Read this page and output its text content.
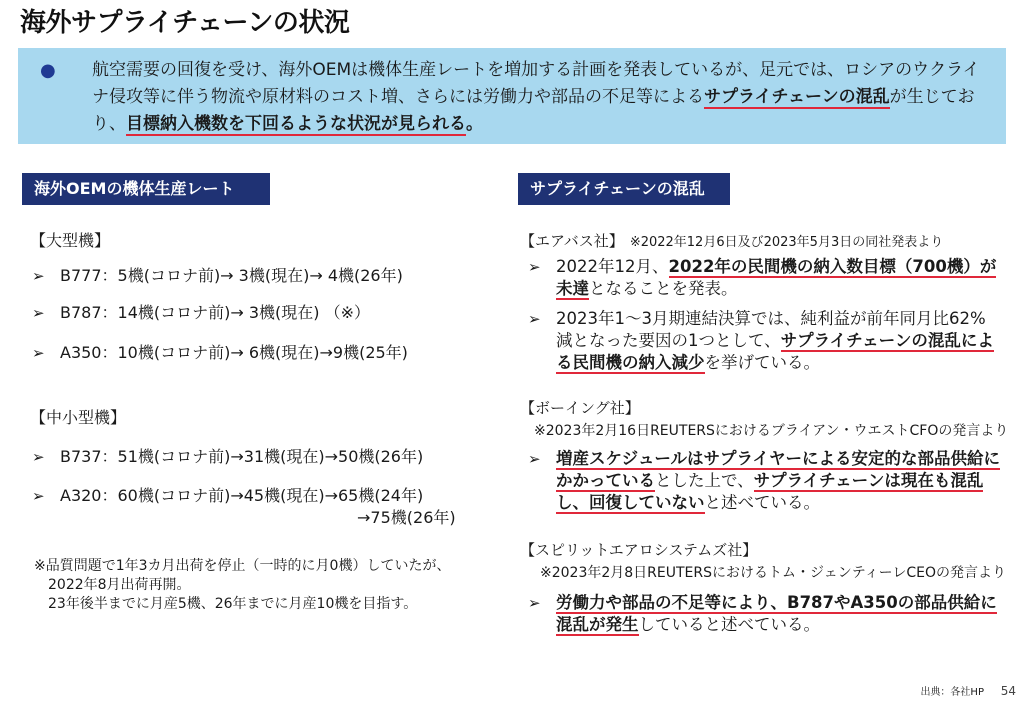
海外サプライチェーンの状況
● 航空需要の回復を受け、海外OEMは機体生産レートを増加する計画を発表しているが、足元では、ロシアのウクライナ侵攻等に伴う物流や原材料のコスト増、さらには労働力や部品の不足等によるサプライチェーンの混乱が生じており、目標納入機数を下回るような状況が見られる。

海外OEMの機体生産レート
【大型機】
➢ B777：5機(コロナ前)→ 3機(現在)→ 4機(26年)
➢ B787：14機(コロナ前)→ 3機(現在) （※）
➢ A350：10機(コロナ前)→ 6機(現在)→9機(25年)
【中小型機】
➢ B737：51機(コロナ前)→31機(現在)→50機(26年)
➢ A320：60機(コロナ前)→45機(現在)→65機(24年)
→75機(26年)
※品質問題で1年3カ月出荷を停止（一時的に月0機）していたが、
2022年8月出荷再開。
23年後半までに月産5機、26年までに月産10機を目指す。
サプライチェーンの混乱
【エアバス社】 ※2022年12月6日及び2023年5月3日の同社発表より
➢ 2022年12月、2022年の民間機の納入数目標（700機）が未達となることを発表。
➢ 2023年1～3月期連結決算では、純利益が前年同月比62%減となった要因の1つとして、サプライチェーンの混乱による民間機の納入減少を挙げている。
【ボーイング社】
※2023年2月16日REUTERSにおけるブライアン・ウエストCFOの発言より
➢ 増産スケジュールはサプライヤーによる安定的な部品供給にかかっているとした上で、サプライチェーンは現在も混乱し、回復していないと述べている。
【スピリットエアロシステムズ社】
※2023年2月8日REUTERSにおけるトム・ジェンティーレCEOの発言より
➢ 労働力や部品の不足等により、B787やA350の部品供給に混乱が発生していると述べている。
出典：各社HP 54
